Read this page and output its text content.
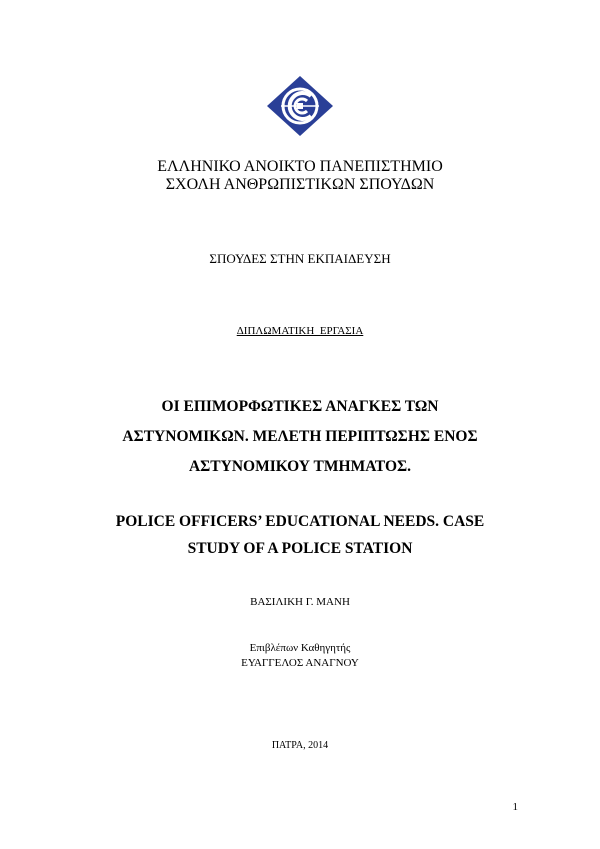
ΕΛΛΗΝΙΚΟ ΑΝΟΙΚΤΟ ΠΑΝΕΠΙΣΤΗΜΙΟ
ΣΧΟΛΗ ΑΝΘΡΩΠΙΣΤΙΚΩΝ ΣΠΟΥΔΩΝ
ΣΠΟΥΔΕΣ ΣΤΗΝ ΕΚΠΑΙΔΕΥΣΗ
ΔΙΠΛΩΜΑΤΙΚΗ  ΕΡΓΑΣΙΑ
ΟΙ ΕΠΙΜΟΡΦΩΤΙΚΕΣ ΑΝΑΓΚΕΣ ΤΩΝ
ΑΣΤΥΝΟΜΙΚΩΝ. ΜΕΛΕΤΗ ΠΕΡΙΠΤΩΣΗΣ ΕΝΟΣ
ΑΣΤΥΝΟΜΙΚΟΥ ΤΜΗΜΑΤΟΣ.
POLICE OFFICERS’ EDUCATIONAL NEEDS. CASE
STUDY OF A POLICE STATION
ΒΑΣΙΛΙΚΗ Γ. ΜΑΝΗ
Επιβλέπων Καθηγητής
ΕΥΑΓΓΕΛΟΣ ΑΝΑΓΝΟΥ
ΠΑΤΡΑ, 2014
1
